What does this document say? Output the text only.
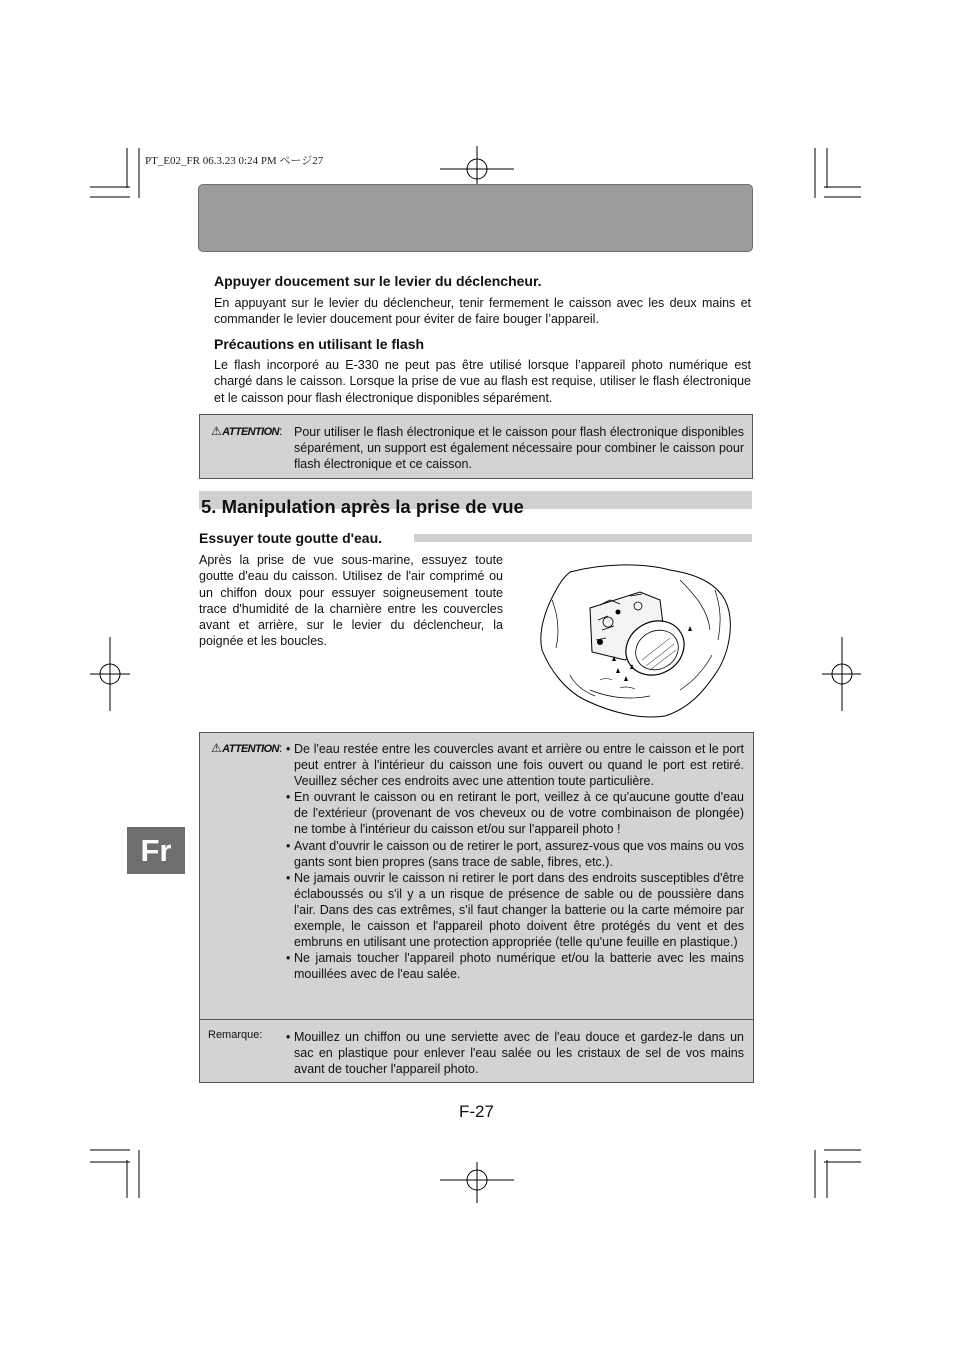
PT_E02_FR 06.3.23 0:24 PM ページ27
Appuyer doucement sur le levier du déclencheur.

En appuyant sur le levier du déclencheur, tenir fermement le caisson avec les deux mains et commander le levier doucement pour éviter de faire bouger l’appareil.

Précautions en utilisant le flash

Le flash incorporé au E-330 ne peut pas être utilisé lorsque l’appareil photo numérique est chargé dans le caisson. Lorsque la prise de vue au flash est requise, utiliser le flash électronique et le caisson pour flash électronique disponibles séparément.

⚠ATTENTION : Pour utiliser le flash électronique et le caisson pour flash électronique disponibles séparément, un support est également nécessaire pour combiner le caisson pour flash électronique et ce caisson.
5. Manipulation après la prise de vue
Essuyer toute goutte d'eau.

Après la prise de vue sous-marine, essuyez toute goutte d'eau du caisson. Utilisez de l'air comprimé ou un chiffon doux pour essuyer soigneusement toute trace d'humidité de la charnière entre les couvercles avant et arrière, sur le levier du déclencheur, la poignée et les boucles.

⚠ATTENTION : • De l'eau restée entre les couvercles avant et arrière ou entre le caisson et le port peut entrer à l'intérieur du caisson une fois ouvert ou quand le port est retiré. Veuillez sécher ces endroits avec une attention toute particulière.
• En ouvrant le caisson ou en retirant le port, veillez à ce qu'aucune goutte d'eau de l'extérieur (provenant de vos cheveux ou de votre combinaison de plongée) ne tombe à l'intérieur du caisson et/ou sur l'appareil photo !
• Avant d'ouvrir le caisson ou de retirer le port, assurez-vous que vos mains ou vos gants sont bien propres (sans trace de sable, fibres, etc.).
• Ne jamais ouvrir le caisson ni retirer le port dans des endroits susceptibles d'être éclaboussés ou s'il y a un risque de présence de sable ou de poussière dans l'air. Dans des cas extrêmes, s'il faut changer la batterie ou la carte mémoire par exemple, le caisson et l'appareil photo doivent être protégés du vent et des embruns en utilisant une protection appropriée (telle qu'une feuille en plastique.)
• Ne jamais toucher l'appareil photo numérique et/ou la batterie avec les mains mouillées avec de l'eau salée.
Remarque:	• Mouillez un chiffon ou une serviette avec de l'eau douce et gardez-le dans un sac en plastique pour enlever l'eau salée ou les cristaux de sel de vos mains avant de toucher l'appareil photo.
Fr
F-27
